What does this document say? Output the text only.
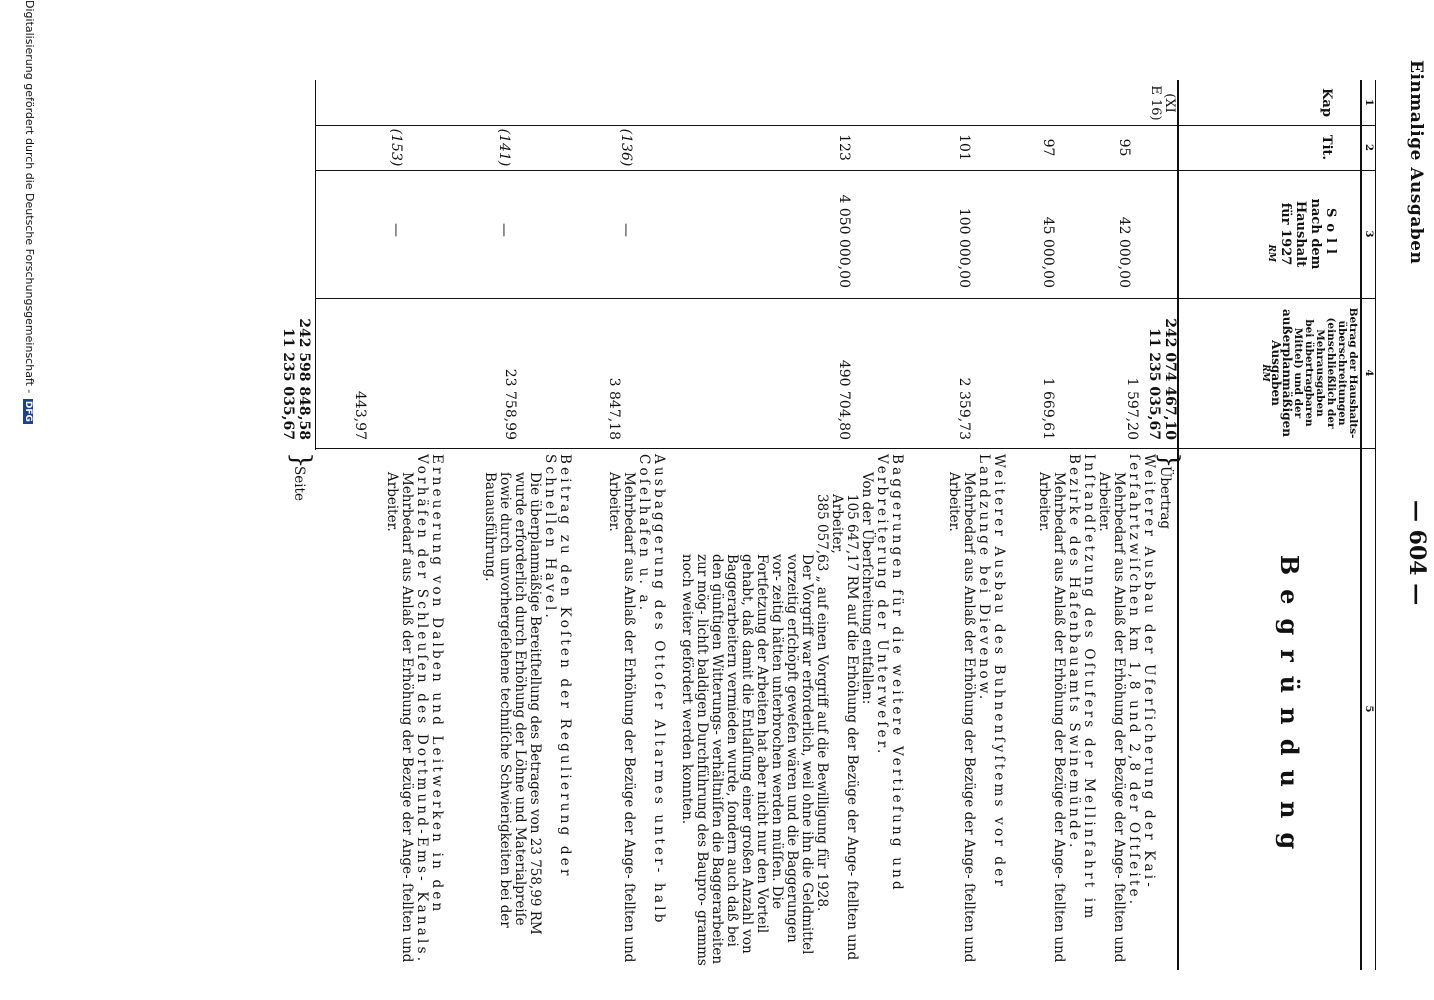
Einmalige Ausgaben
— 604 —
1
2
3
4
5
Kap
Tit.
Soll
nach dem
Haushalt
für 1927
RM
Betrag der Haushalts-
überschreitungen
(einschließlich der
Mehrausgaben
bei übertragbaren
Mittel) und der
außerplanmäßigen
Ausgaben
RM
Begründung
(XI
E 16)
242 074 467,10
11 235 035,67
}
Übertrag
95
42 000,00
1 597,20

Weiterer Ausbau der Uferſicherung der Kai- ſerfahrtzwiſchen km 1,8 und 2,8 der Oſtſeite.

Mehrbedarf aus Anlaß der Erhöhung der Bezüge der Ange- ſtellten und Arbeiter.

97
45 000,00
1 669,61

Inſtandſetzung des Oſtufers der Mellinfahrt im Bezirke des Hafenbauamts Swinemünde.

Mehrbedarf aus Anlaß der Erhöhung der Bezüge der Ange- ſtellten und Arbeiter.

101
100 000,00
2 359,73

Weiterer Ausbau des Buhnenſyſtems vor der Landzunge bei Dievenow.

Mehrbedarf aus Anlaß der Erhöhung der Bezüge der Ange- ſtellten und Arbeiter.

123
4 050 000,00
490 704,80

Baggerungen für die weitere Vertiefung und Verbreiterung der Unterweſer.

Von der Überſchreitung entfallen:

105 647,17 RM auf die Erhöhung der Bezüge der Ange- ſtellten und Arbeiter,

385 057,63 „ auf einen Vorgriff auf die Bewilligung für 1928.

Der Vorgriff war erforderlich, weil ohne ihn die Geldmittel vorzeitig erſchöpft geweſen wären und die Baggerungen vor- zeitig hätten unterbrochen werden müſſen. Die Fortſetzung der Arbeiten hat aber nicht nur den Vorteil gehabt, daß damit die Entlaſſung einer großen Anzahl von Baggerarbeitern vermieden wurde, ſondern auch daß bei den günſtigen Witterungs- verhältniſſen die Baggerarbeiten zur mög- lichſt baldigen Durchführung des Baupro- gramms noch weiter gefördert werden konnten.

(136)
—
3 847,18

Ausbaggerung des Ottoſer Altarmes unter- halb Coſelhafen u. a.

Mehrbedarf aus Anlaß der Erhöhung der Bezüge der Ange- ſtellten und Arbeiter.

(141)
—
23 758,99

Beitrag zu den Koſten der Regulierung der Schnellen Havel.

Die überplanmäßige Bereitſtellung des Betrages von 23 758,99 RM wurde erforderlich durch Erhöhung der Löhne und Materialpreiſe ſowie durch unvorhergeſehene techniſche Schwierigkeiten bei der Bauausführung.

(153)
—
443,97

Erneuerung von Dalben und Leitwerken in den Vorhäfen der Schleuſen des Dortmund-Ems- Kanals.

Mehrbedarf aus Anlaß der Erhöhung der Bezüge der Ange- ſtellten und Arbeiter.

242 598 848,58
11 235 035,67
}
Seite
Digitalisierung gefördert durch die Deutsche Forschungsgemeinschaft - DFG
